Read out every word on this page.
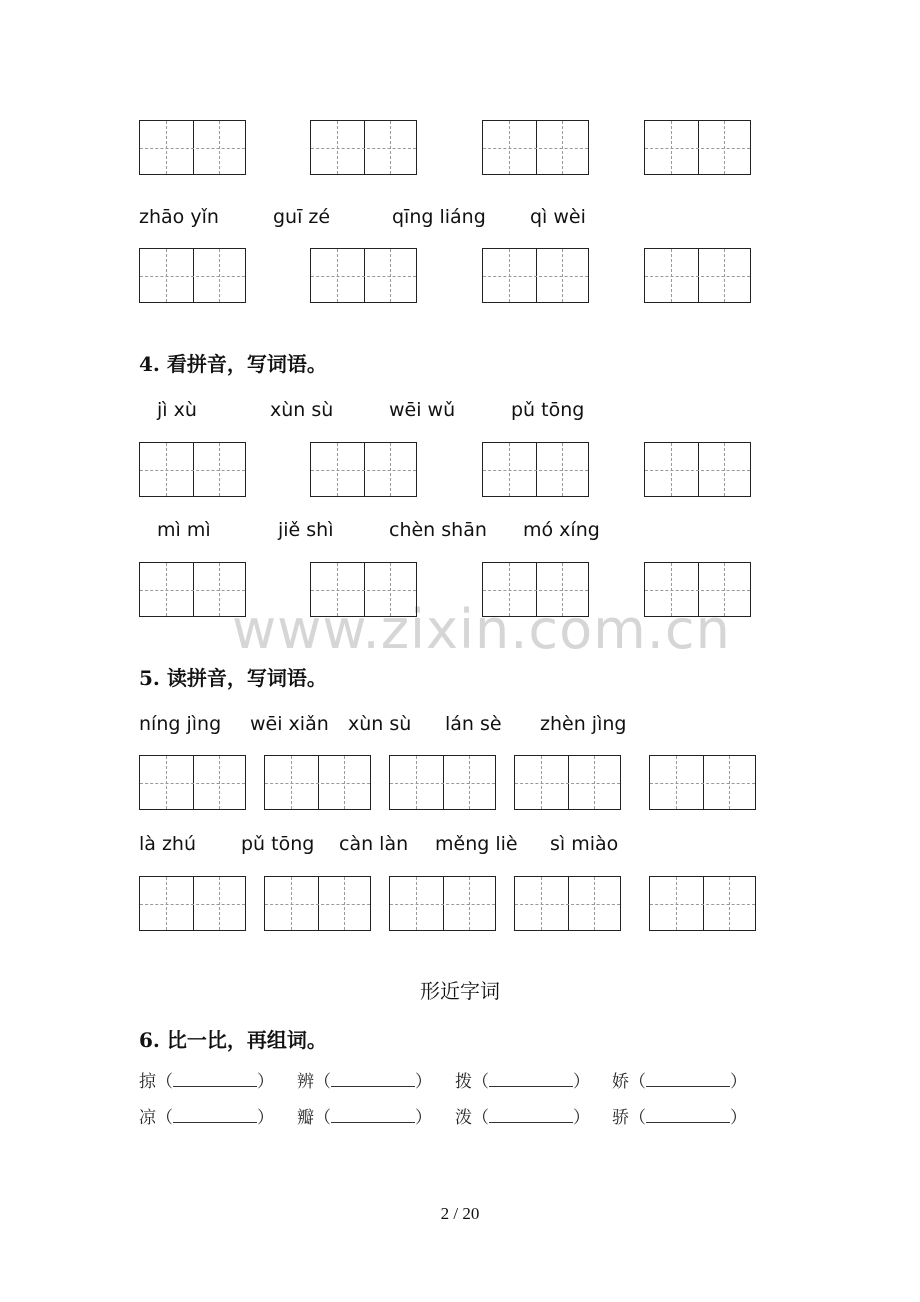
www.zixin.com.cn
zhāo yǐn	guī zé	qīng liáng qì wèi
4. 看拼音，写词语。
jì xù	xùn sù	wēi wǔ	pǔ tōng
mì mì	jiě shì	chèn shān mó xíng
5. 读拼音，写词语。
níng jìng wēi xiǎn xùn sù lán sè zhèn jìng
là zhú pǔ tōng càn làn měng liè sì miào
形近字词
6. 比一比，再组词。
掠（	） 辨（	） 拨（	） 娇（	）
凉（	） 瓣（	） 泼（	） 骄（	）
2 / 20
